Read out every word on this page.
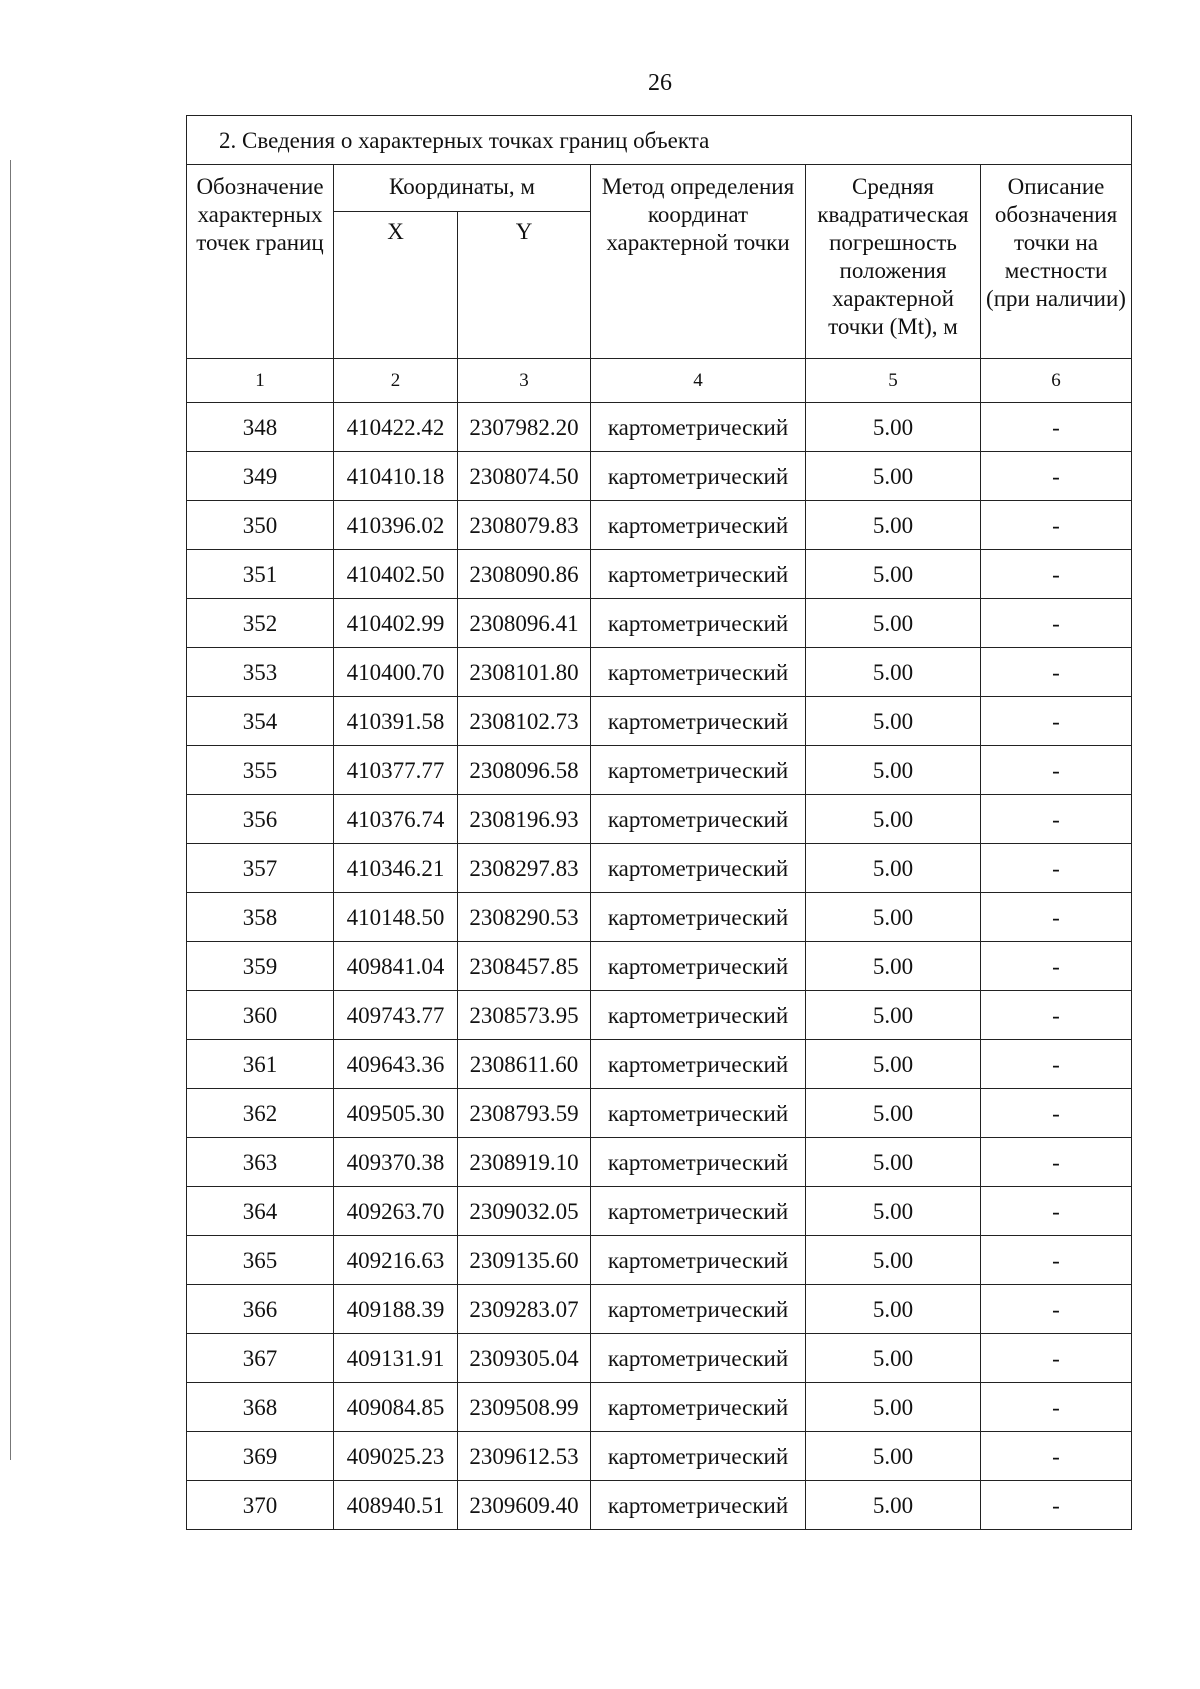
26
2. Сведения о характерных точках границ объекта					
Обозначение характерных точек границ	Координаты, м		Метод определения координат характерной точки	Средняя квадратическая погрешность положения характерной точки (Mt), м	Описание обозначения точки на местности (при наличии)
	X	Y			
1	2	3	4	5	6
348	410422.42	2307982.20	картометрический	5.00	-
349	410410.18	2308074.50	картометрический	5.00	-
350	410396.02	2308079.83	картометрический	5.00	-
351	410402.50	2308090.86	картометрический	5.00	-
352	410402.99	2308096.41	картометрический	5.00	-
353	410400.70	2308101.80	картометрический	5.00	-
354	410391.58	2308102.73	картометрический	5.00	-
355	410377.77	2308096.58	картометрический	5.00	-
356	410376.74	2308196.93	картометрический	5.00	-
357	410346.21	2308297.83	картометрический	5.00	-
358	410148.50	2308290.53	картометрический	5.00	-
359	409841.04	2308457.85	картометрический	5.00	-
360	409743.77	2308573.95	картометрический	5.00	-
361	409643.36	2308611.60	картометрический	5.00	-
362	409505.30	2308793.59	картометрический	5.00	-
363	409370.38	2308919.10	картометрический	5.00	-
364	409263.70	2309032.05	картометрический	5.00	-
365	409216.63	2309135.60	картометрический	5.00	-
366	409188.39	2309283.07	картометрический	5.00	-
367	409131.91	2309305.04	картометрический	5.00	-
368	409084.85	2309508.99	картометрический	5.00	-
369	409025.23	2309612.53	картометрический	5.00	-
370	408940.51	2309609.40	картометрический	5.00	-
